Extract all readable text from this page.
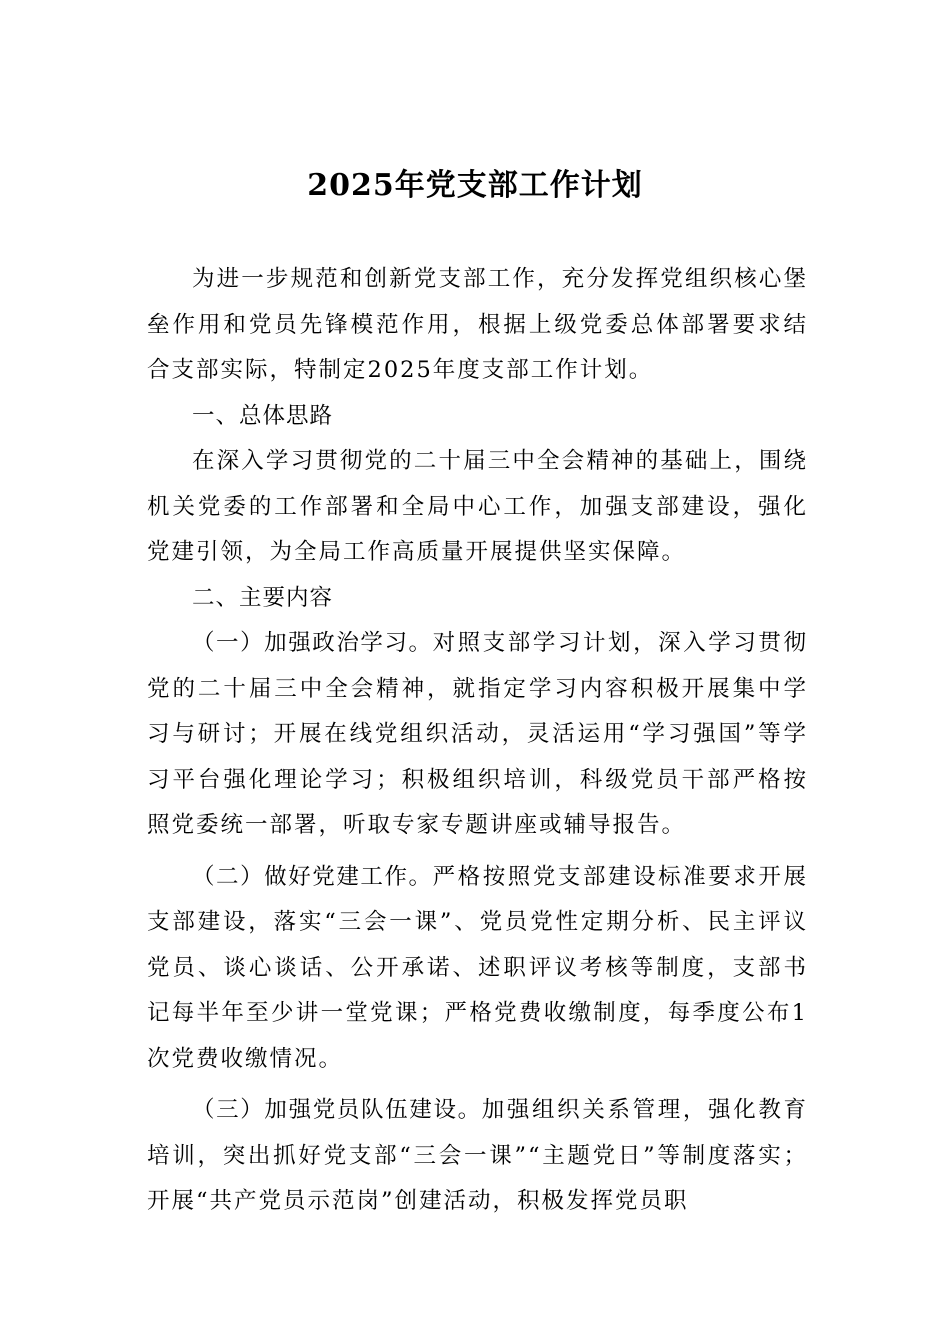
2025年党支部工作计划

为进一步规范和创新党支部工作，充分发挥党组织核心堡垒作用和党员先锋模范作用，根据上级党委总体部署要求结合支部实际，特制定2025年度支部工作计划。

一、总体思路

在深入学习贯彻党的二十届三中全会精神的基础上，围绕机关党委的工作部署和全局中心工作，加强支部建设，强化党建引领，为全局工作高质量开展提供坚实保障。

二、主要内容

（一）加强政治学习。对照支部学习计划，深入学习贯彻党的二十届三中全会精神，就指定学习内容积极开展集中学习与研讨；开展在线党组织活动，灵活运用“学习强国”等学习平台强化理论学习；积极组织培训，科级党员干部严格按照党委统一部署，听取专家专题讲座或辅导报告。

（二）做好党建工作。严格按照党支部建设标准要求开展支部建设，落实“三会一课”、党员党性定期分析、民主评议党员、谈心谈话、公开承诺、述职评议考核等制度，支部书记每半年至少讲一堂党课；严格党费收缴制度，每季度公布1次党费收缴情况。

（三）加强党员队伍建设。加强组织关系管理，强化教育培训，突出抓好党支部“三会一课”“主题党日”等制度落实；开展“共产党员示范岗”创建活动，积极发挥党员职
